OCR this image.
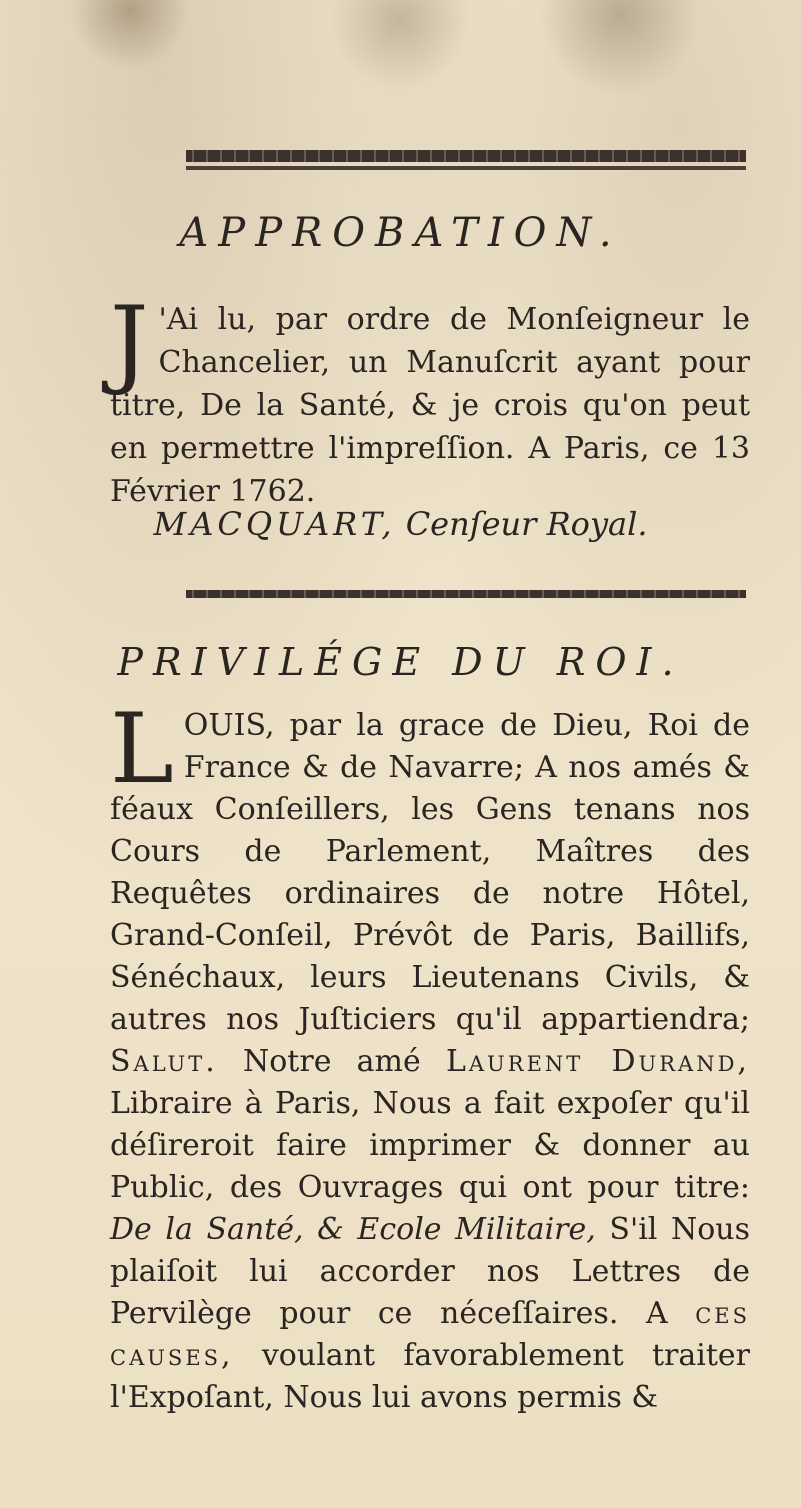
APPROBATION.
J 'Ai lu, par ordre de Monſeigneur le Chancelier, un Manuſcrit ayant pour titre, De la Santé, & je crois qu'on peut en permettre l'impreſſion. A Paris, ce 13 Février 1762.
MACQUART, Cenſeur Royal.
PRIVILÉGE DU ROI.
L OUIS, par la grace de Dieu, Roi de France & de Navarre; A nos amés & féaux Conſeillers, les Gens tenans nos Cours de Parlement, Maîtres des Requêtes ordinaires de notre Hôtel, Grand-Conſeil, Prévôt de Paris, Baillifs, Sénéchaux, leurs Lieutenans Civils, & autres nos Juſticiers qu'il appartiendra; Salut. Notre amé Laurent Durand, Libraire à Paris, Nous a fait expoſer qu'il déſireroit faire imprimer & donner au Public, des Ouvrages qui ont pour titre: De la Santé, & Ecole Militaire, S'il Nous plaiſoit lui accorder nos Lettres de Pervilège pour ce néceſſaires. A ces causes, voulant favorablement traiter l'Expoſant, Nous lui avons permis &
